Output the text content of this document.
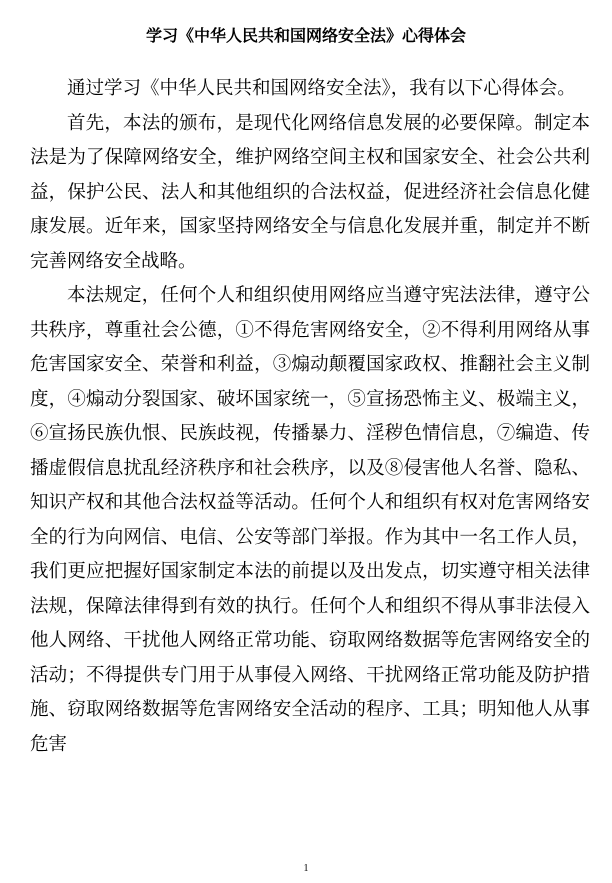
学习《中华人民共和国网络安全法》心得体会

通过学习《中华人民共和国网络安全法》，我有以下心得体会。

首先，本法的颁布，是现代化网络信息发展的必要保障。制定本法是为了保障网络安全，维护网络空间主权和国家安全、社会公共利益，保护公民、法人和其他组织的合法权益，促进经济社会信息化健康发展。近年来，国家坚持网络安全与信息化发展并重，制定并不断完善网络安全战略。

本法规定，任何个人和组织使用网络应当遵守宪法法律，遵守公共秩序，尊重社会公德，①不得危害网络安全，②不得利用网络从事危害国家安全、荣誉和利益，③煽动颠覆国家政权、推翻社会主义制度，④煽动分裂国家、破坏国家统一，⑤宣扬恐怖主义、极端主义，⑥宣扬民族仇恨、民族歧视，传播暴力、淫秽色情信息，⑦编造、传播虚假信息扰乱经济秩序和社会秩序，以及⑧侵害他人名誉、隐私、知识产权和其他合法权益等活动。任何个人和组织有权对危害网络安全的行为向网信、电信、公安等部门举报。作为其中一名工作人员，我们更应把握好国家制定本法的前提以及出发点，切实遵守相关法律法规，保障法律得到有效的执行。任何个人和组织不得从事非法侵入他人网络、干扰他人网络正常功能、窃取网络数据等危害网络安全的活动；不得提供专门用于从事侵入网络、干扰网络正常功能及防护措施、窃取网络数据等危害网络安全活动的程序、工具；明知他人从事危害

1
